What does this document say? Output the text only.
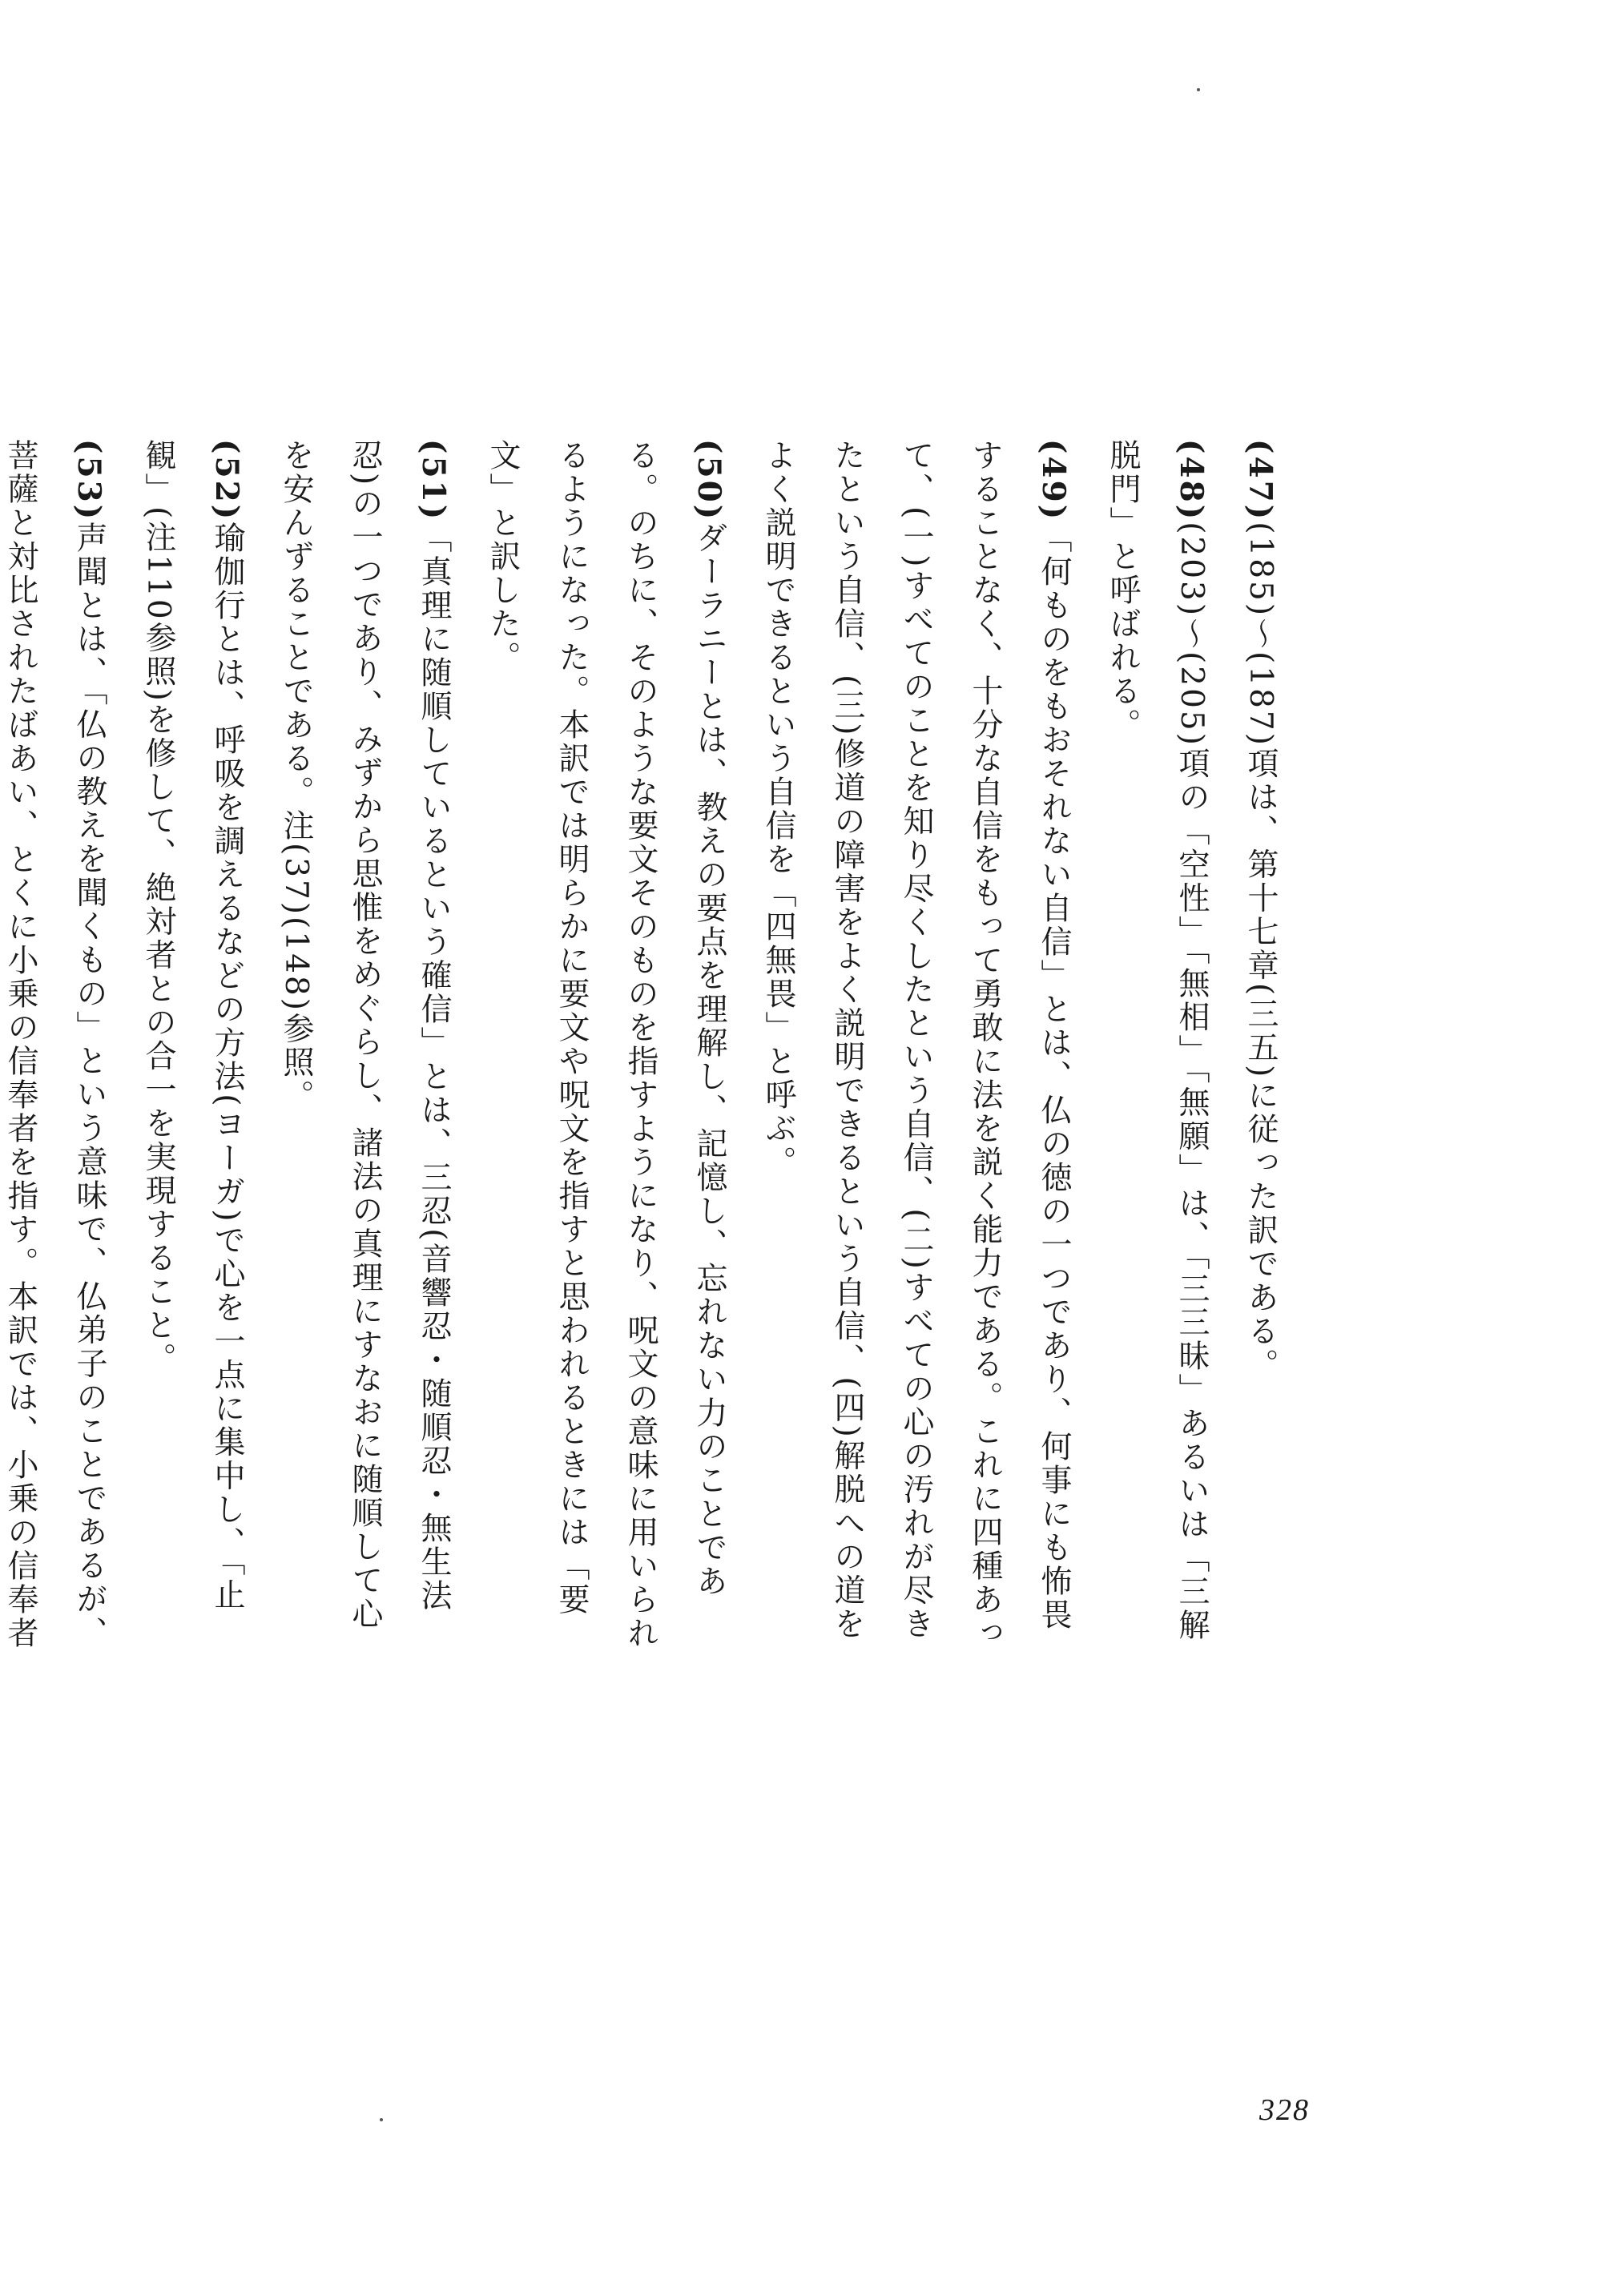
(47)(185)〜(187)項は、第十七章(三五)に従った訳である。

(48)(203)〜(205)項の「空性」「無相」「無願」は、「三三昧」あるいは「三解脱門」と呼ばれる。

(49)「何ものをもおそれない自信」とは、仏の徳の一つであり、何事にも怖畏することなく、十分な自信をもって勇敢に法を説く能力である。これに四種あって、(一)すべてのことを知り尽くしたという自信、(二)すべての心の汚れが尽きたという自信、(三)修道の障害をよく説明できるという自信、(四)解脱への道をよく説明できるという自信を「四無畏」と呼ぶ。

(50)ダーラニーとは、教えの要点を理解し、記憶し、忘れない力のことである。のちに、そのような要文そのものを指すようになり、呪文の意味に用いられるようになった。本訳では明らかに要文や呪文を指すと思われるときには「要文」と訳した。

(51)「真理に随順しているという確信」とは、三忍(音響忍・随順忍・無生法忍)の一つであり、みずから思惟をめぐらし、諸法の真理にすなおに随順して心を安んずることである。注(37)(148)参照。

(52)瑜伽行とは、呼吸を調えるなどの方法(ヨーガ)で心を一点に集中し、「止観」(注110参照)を修して、絶対者との合一を実現すること。

(53)声聞とは、「仏の教えを聞くもの」という意味で、仏弟子のことであるが、菩薩と対比されたばあい、とくに小乗の信奉者を指す。本訳では、小乗の信奉者

328
